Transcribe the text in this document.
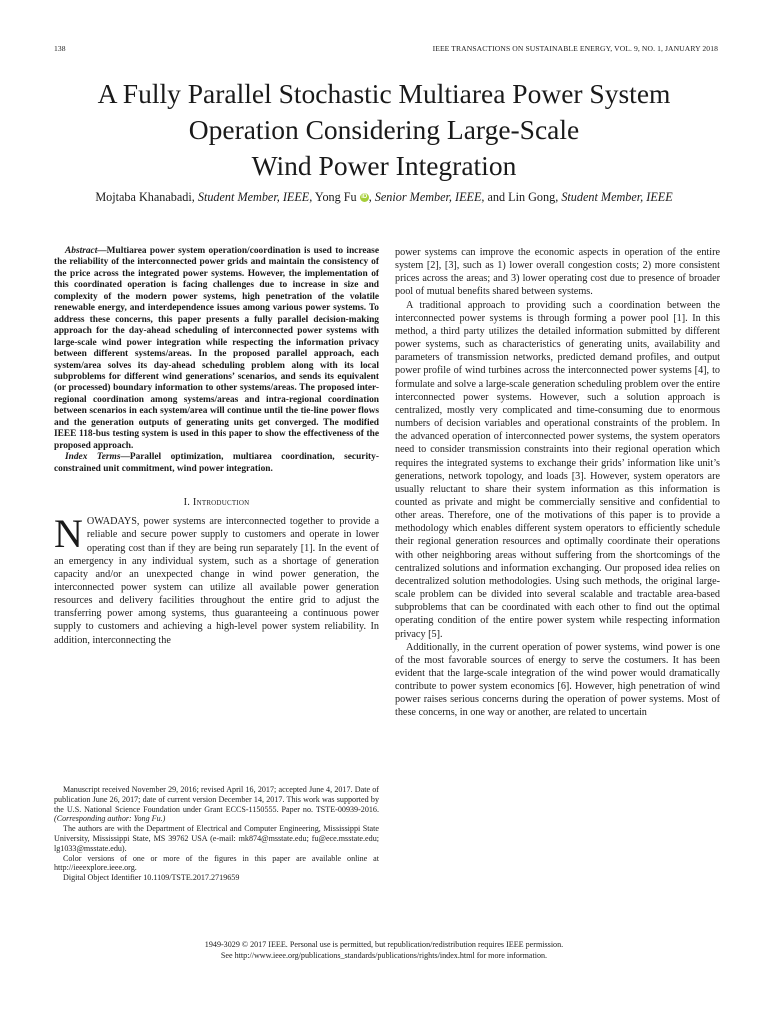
138	IEEE TRANSACTIONS ON SUSTAINABLE ENERGY, VOL. 9, NO. 1, JANUARY 2018
A Fully Parallel Stochastic Multiarea Power System
Operation Considering Large-Scale
Wind Power Integration
Mojtaba Khanabadi, Student Member, IEEE, Yong Fu iD , Senior Member, IEEE, and Lin Gong, Student Member, IEEE

Abstract—Multiarea power system operation/coordination is used to increase the reliability of the interconnected power grids and maintain the consistency of the price across the integrated power systems. However, the implementation of this coordinated operation is facing challenges due to increase in size and complexity of the modern power systems, high penetration of the volatile renewable energy, and interdependence issues among various power systems. To address these concerns, this paper presents a fully parallel decision-making approach for the day-ahead scheduling of interconnected power systems with large-scale wind power integration while respecting the information privacy between different systems/areas. In the proposed parallel approach, each system/area solves its day-ahead scheduling problem along with its local subproblems for different wind generations’ scenarios, and sends its equivalent (or processed) boundary information to other systems/areas. The proposed inter-regional coordination among systems/areas and intra-regional coordination between scenarios in each system/area will continue until the tie-line power flows and the generation outputs of generating units get converged. The modified IEEE 118-bus testing system is used in this paper to show the effectiveness of the proposed approach.

Index Terms—Parallel optimization, multiarea coordination, security-constrained unit commitment, wind power integration.

I. Introduction

NOWADAYS, power systems are interconnected together to provide a reliable and secure power supply to customers and operate in lower operating cost than if they are being run separately [1]. In the event of an emergency in any individual system, such as a shortage of generation capacity and/or an unexpected change in wind power generation, the interconnected power system can utilize all available power generation resources and delivery facilities throughout the entire grid to adjust the transferring power among systems, thus guaranteeing a continuous power supply to customers and achieving a high-level power system reliability. In addition, interconnecting the

Manuscript received November 29, 2016; revised April 16, 2017; accepted June 4, 2017. Date of publication June 26, 2017; date of current version December 14, 2017. This work was supported by the U.S. National Science Foundation under Grant ECCS-1150555. Paper no. TSTE-00939-2016. (Corresponding author: Yong Fu.)

The authors are with the Department of Electrical and Computer Engineering, Mississippi State University, Mississippi State, MS 39762 USA (e-mail: mk874@msstate.edu; fu@ece.msstate.edu; lg1033@msstate.edu).

Color versions of one or more of the figures in this paper are available online at http://ieeexplore.ieee.org.

Digital Object Identifier 10.1109/TSTE.2017.2719659

power systems can improve the economic aspects in operation of the entire system [2], [3], such as 1) lower overall congestion costs; 2) more consistent prices across the areas; and 3) lower operating cost due to presence of broader pool of mutual benefits shared between systems.

A traditional approach to providing such a coordination between the interconnected power systems is through forming a power pool [1]. In this method, a third party utilizes the detailed information submitted by different power systems, such as characteristics of generating units, availability and parameters of transmission networks, predicted demand profiles, and output power profile of wind turbines across the interconnected power systems [4], to formulate and solve a large-scale generation scheduling problem over the entire interconnected power systems. However, such a solution approach is centralized, mostly very complicated and time-consuming due to enormous numbers of decision variables and operational constraints of the problem. In the advanced operation of interconnected power systems, the system operators need to consider transmission constraints into their regional operation which requires the integrated systems to exchange their grids’ information like unit’s generations, network topology, and loads [3]. However, system operators are usually reluctant to share their system information as this information is counted as private and might be commercially sensitive and confidential to other areas. Therefore, one of the motivations of this paper is to provide a methodology which enables different system operators to efficiently schedule their regional generation resources and optimally coordinate their operations with other neighboring areas without suffering from the shortcomings of the centralized solutions and information exchanging. Our proposed idea relies on decentralized solution methodologies. Using such methods, the original large-scale problem can be divided into several scalable and tractable area-based subproblems that can be coordinated with each other to find out the optimal operating condition of the entire power system while respecting information privacy [5].

Additionally, in the current operation of power systems, wind power is one of the most favorable sources of energy to serve the costumers. It has been evident that the large-scale integration of the wind power would dramatically contribute to power system economics [6]. However, high penetration of wind power raises serious concerns during the operation of power systems. Most of these concerns, in one way or another, are related to uncertain

1949-3029 © 2017 IEEE. Personal use is permitted, but republication/redistribution requires IEEE permission.
See http://www.ieee.org/publications_standards/publications/rights/index.html for more information.
